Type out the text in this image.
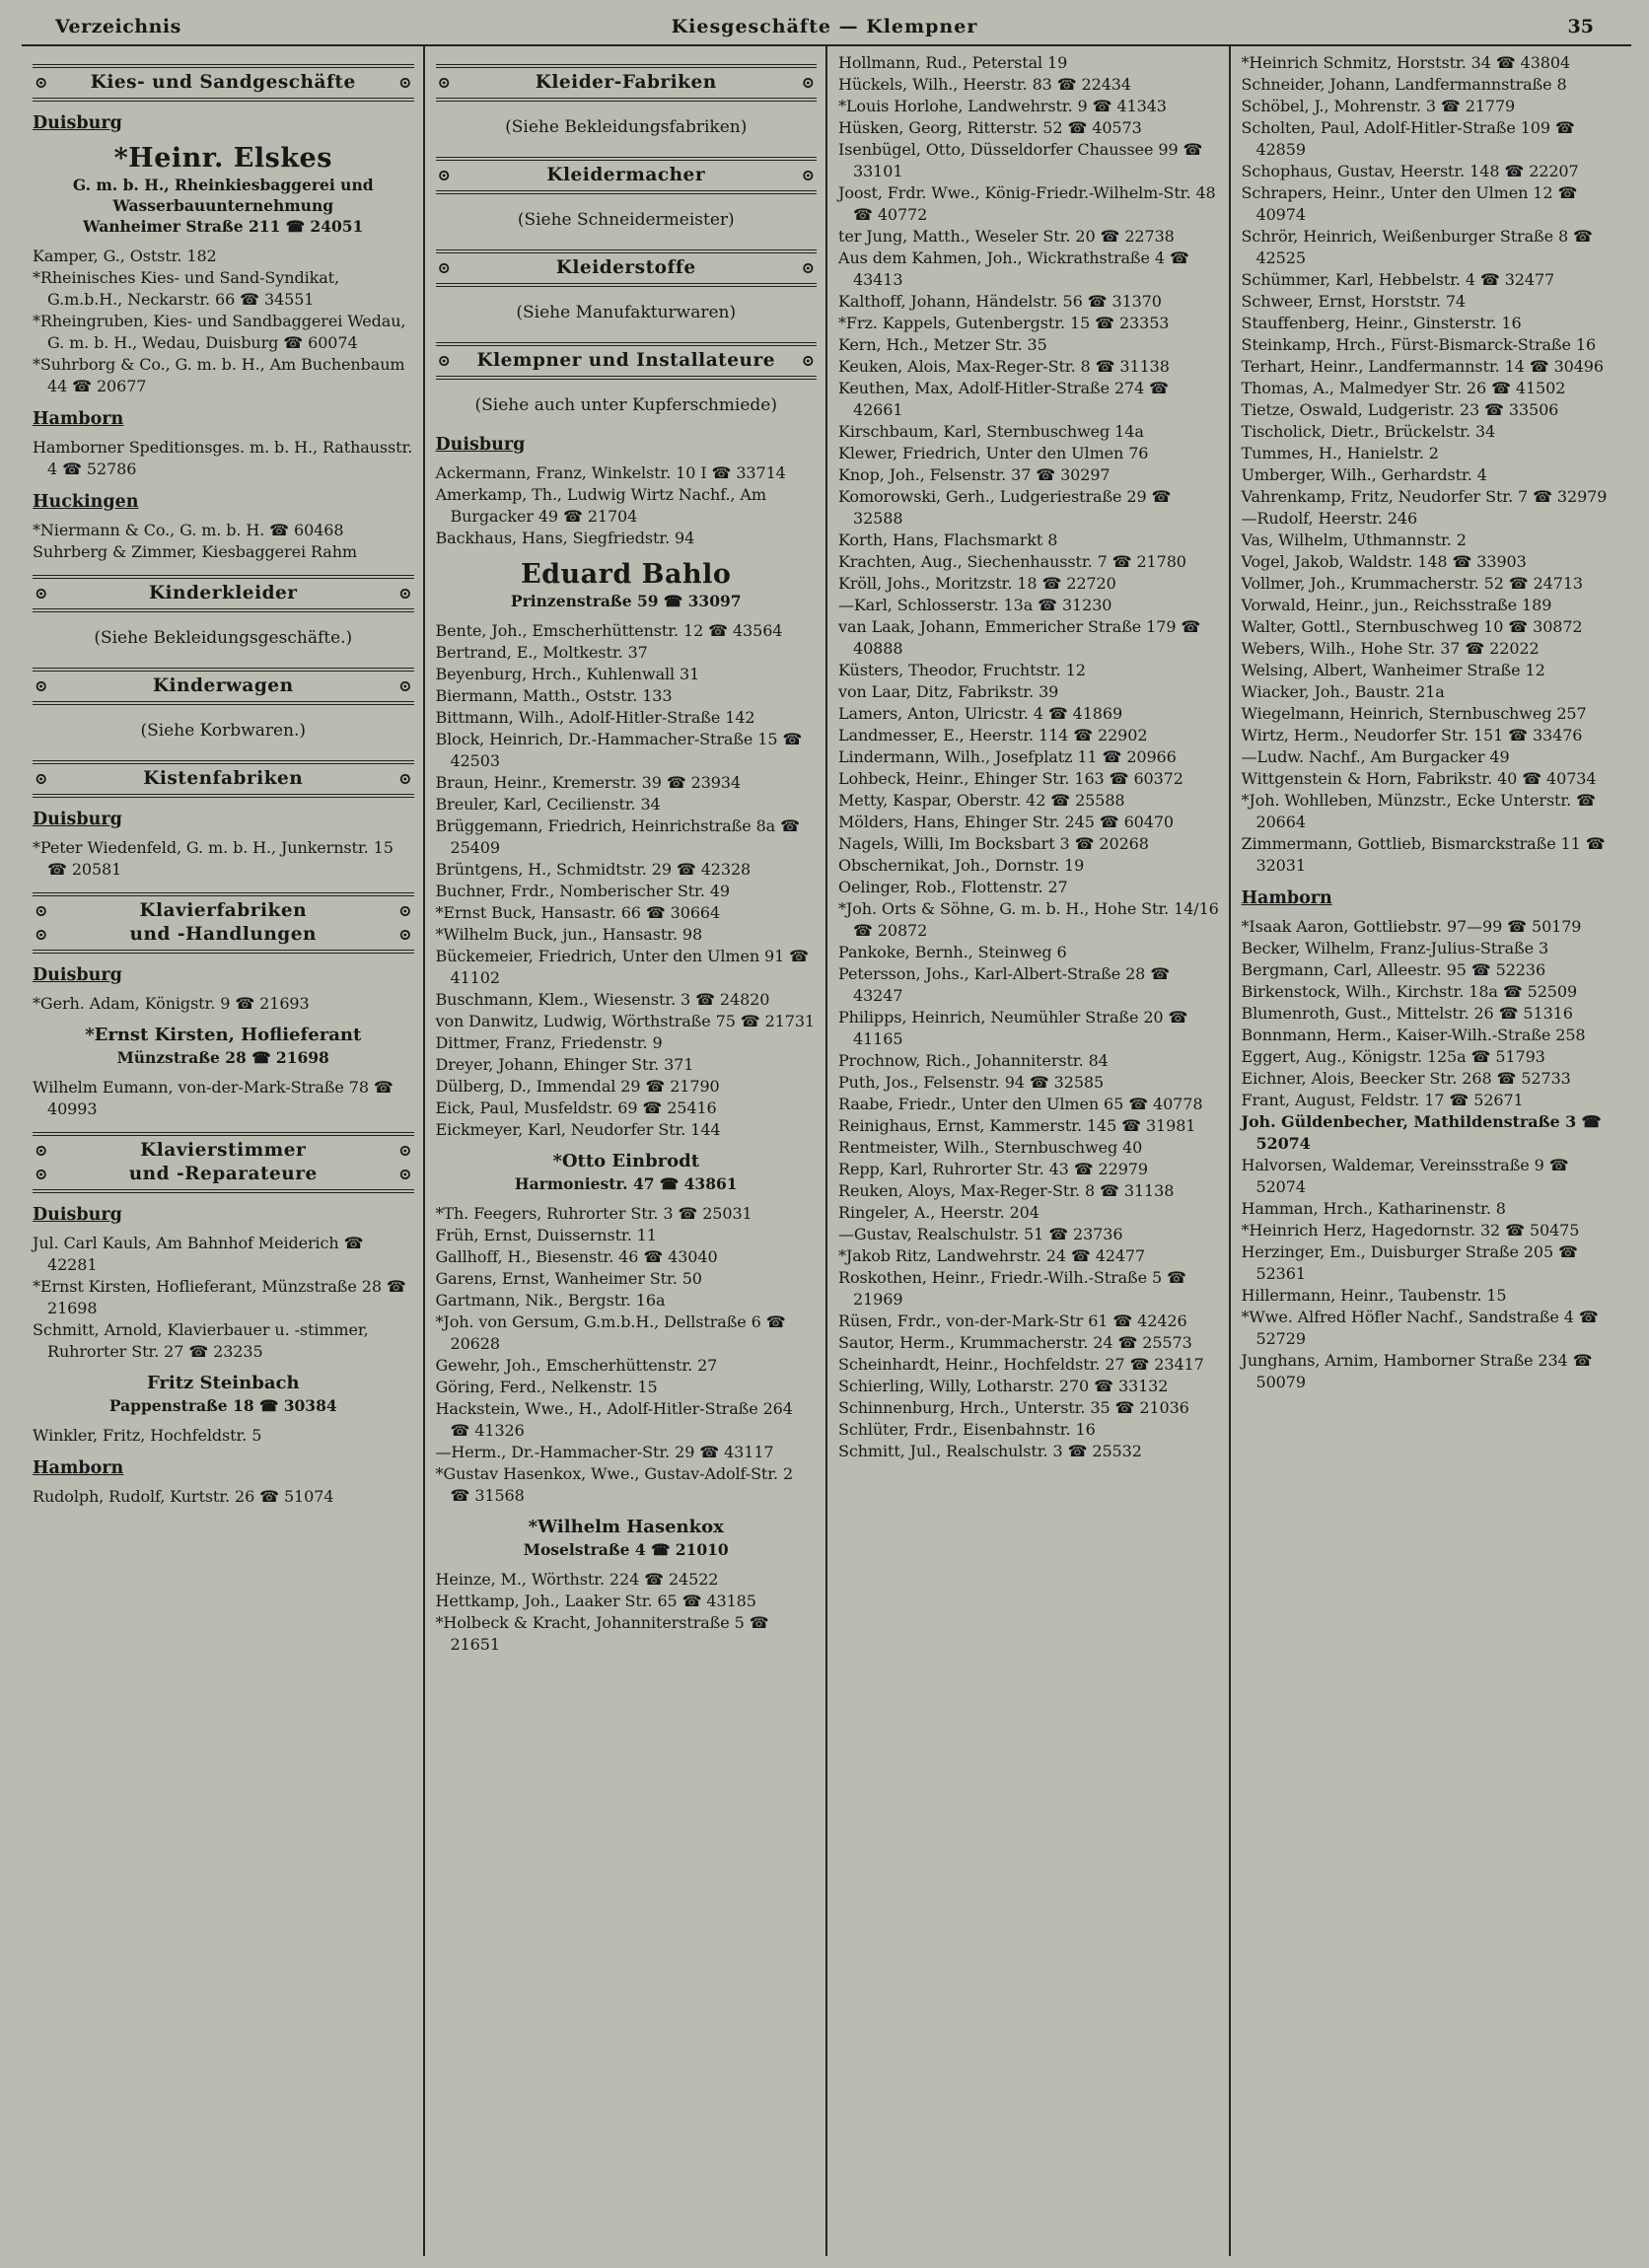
Verzeichnis	Kiesgeschäfte — Klempner	35
⊙	Kies- und Sandgeschäfte	⊙
Duisburg
*Heinr. Elskes
G. m. b. H., Rheinkiesbaggerei und
Wasserbauunternehmung
Wanheimer Straße 211 ☎ 24051

Kamper, G., Oststr. 182

*Rheinisches Kies- und Sand-Syndikat, G.m.b.H., Neckarstr. 66 ☎ 34551

*Rheingruben, Kies- und Sandbaggerei Wedau, G. m. b. H., Wedau, Duisburg ☎ 60074

*Suhrborg & Co., G. m. b. H., Am Buchenbaum 44 ☎ 20677

Hamborn

Hamborner Speditionsges. m. b. H., Rathausstr. 4 ☎ 52786

Huckingen

*Niermann & Co., G. m. b. H. ☎ 60468

Suhrberg & Zimmer, Kiesbaggerei Rahm

⊙	Kinderkleider	⊙
(Siehe Bekleidungsgeschäfte.)
⊙	Kinderwagen	⊙
(Siehe Korbwaren.)
⊙	Kistenfabriken	⊙
Duisburg

*Peter Wiedenfeld, G. m. b. H., Junkernstr. 15 ☎ 20581

⊙	Klavierfabriken	⊙
⊙	und -Handlungen	⊙
Duisburg

*Gerh. Adam, Königstr. 9 ☎ 21693

*Ernst Kirsten, Hoflieferant
Münzstraße 28 ☎ 21698

Wilhelm Eumann, von-der-Mark-Straße 78 ☎ 40993

⊙	Klavierstimmer	⊙
⊙	und -Reparateure	⊙
Duisburg

Jul. Carl Kauls, Am Bahnhof Meiderich ☎ 42281

*Ernst Kirsten, Hoflieferant, Münzstraße 28 ☎ 21698

Schmitt, Arnold, Klavierbauer u. -stimmer, Ruhrorter Str. 27 ☎ 23235

Fritz Steinbach
Pappenstraße 18 ☎ 30384

Winkler, Fritz, Hochfeldstr. 5

Hamborn

Rudolph, Rudolf, Kurtstr. 26 ☎ 51074

⊙	Kleider-Fabriken	⊙
(Siehe Bekleidungsfabriken)
⊙	Kleidermacher	⊙
(Siehe Schneidermeister)
⊙	Kleiderstoffe	⊙
(Siehe Manufakturwaren)
⊙	Klempner und Installateure	⊙
(Siehe auch unter Kupferschmiede)
Duisburg

Ackermann, Franz, Winkelstr. 10 I ☎ 33714

Amerkamp, Th., Ludwig Wirtz Nachf., Am Burgacker 49 ☎ 21704

Backhaus, Hans, Siegfriedstr. 94

Eduard Bahlo
Prinzenstraße 59 ☎ 33097

Bente, Joh., Emscherhüttenstr. 12 ☎ 43564

Bertrand, E., Moltkestr. 37

Beyenburg, Hrch., Kuhlenwall 31

Biermann, Matth., Oststr. 133

Bittmann, Wilh., Adolf-Hitler-Straße 142

Block, Heinrich, Dr.-Hammacher-Straße 15 ☎ 42503

Braun, Heinr., Kremerstr. 39 ☎ 23934

Breuler, Karl, Cecilienstr. 34

Brüggemann, Friedrich, Heinrichstraße 8a ☎ 25409

Brüntgens, H., Schmidtstr. 29 ☎ 42328

Buchner, Frdr., Nomberischer Str. 49

*Ernst Buck, Hansastr. 66 ☎ 30664

*Wilhelm Buck, jun., Hansastr. 98

Bückemeier, Friedrich, Unter den Ulmen 91 ☎ 41102

Buschmann, Klem., Wiesenstr. 3 ☎ 24820

von Danwitz, Ludwig, Wörthstraße 75 ☎ 21731

Dittmer, Franz, Friedenstr. 9

Dreyer, Johann, Ehinger Str. 371

Dülberg, D., Immendal 29 ☎ 21790

Eick, Paul, Musfeldstr. 69 ☎ 25416

Eickmeyer, Karl, Neudorfer Str. 144

*Otto Einbrodt
Harmoniestr. 47 ☎ 43861

*Th. Feegers, Ruhrorter Str. 3 ☎ 25031

Früh, Ernst, Duissernstr. 11

Gallhoff, H., Biesenstr. 46 ☎ 43040

Garens, Ernst, Wanheimer Str. 50

Gartmann, Nik., Bergstr. 16a

*Joh. von Gersum, G.m.b.H., Dellstraße 6 ☎ 20628

Gewehr, Joh., Emscherhüttenstr. 27

Göring, Ferd., Nelkenstr. 15

Hackstein, Wwe., H., Adolf-Hitler-Straße 264 ☎ 41326

—Herm., Dr.-Hammacher-Str. 29 ☎ 43117

*Gustav Hasenkox, Wwe., Gustav-Adolf-Str. 2 ☎ 31568

*Wilhelm Hasenkox
Moselstraße 4 ☎ 21010

Heinze, M., Wörthstr. 224 ☎ 24522

Hettkamp, Joh., Laaker Str. 65 ☎ 43185

*Holbeck & Kracht, Johanniterstraße 5 ☎ 21651

Hollmann, Rud., Peterstal 19

Hückels, Wilh., Heerstr. 83 ☎ 22434

*Louis Horlohe, Landwehrstr. 9 ☎ 41343

Hüsken, Georg, Ritterstr. 52 ☎ 40573

Isenbügel, Otto, Düsseldorfer Chaussee 99 ☎ 33101

Joost, Frdr. Wwe., König-Friedr.-Wilhelm-Str. 48 ☎ 40772

ter Jung, Matth., Weseler Str. 20 ☎ 22738

Aus dem Kahmen, Joh., Wickrathstraße 4 ☎ 43413

Kalthoff, Johann, Händelstr. 56 ☎ 31370

*Frz. Kappels, Gutenbergstr. 15 ☎ 23353

Kern, Hch., Metzer Str. 35

Keuken, Alois, Max-Reger-Str. 8 ☎ 31138

Keuthen, Max, Adolf-Hitler-Straße 274 ☎ 42661

Kirschbaum, Karl, Sternbuschweg 14a

Klewer, Friedrich, Unter den Ulmen 76

Knop, Joh., Felsenstr. 37 ☎ 30297

Komorowski, Gerh., Ludgeriestraße 29 ☎ 32588

Korth, Hans, Flachsmarkt 8

Krachten, Aug., Siechenhausstr. 7 ☎ 21780

Kröll, Johs., Moritzstr. 18 ☎ 22720

—Karl, Schlosserstr. 13a ☎ 31230

van Laak, Johann, Emmericher Straße 179 ☎ 40888

Küsters, Theodor, Fruchtstr. 12

von Laar, Ditz, Fabrikstr. 39

Lamers, Anton, Ulricstr. 4 ☎ 41869

Landmesser, E., Heerstr. 114 ☎ 22902

Lindermann, Wilh., Josefplatz 11 ☎ 20966

Lohbeck, Heinr., Ehinger Str. 163 ☎ 60372

Metty, Kaspar, Oberstr. 42 ☎ 25588

Mölders, Hans, Ehinger Str. 245 ☎ 60470

Nagels, Willi, Im Bocksbart 3 ☎ 20268

Obschernikat, Joh., Dornstr. 19

Oelinger, Rob., Flottenstr. 27

*Joh. Orts & Söhne, G. m. b. H., Hohe Str. 14/16 ☎ 20872

Pankoke, Bernh., Steinweg 6

Petersson, Johs., Karl-Albert-Straße 28 ☎ 43247

Philipps, Heinrich, Neumühler Straße 20 ☎ 41165

Prochnow, Rich., Johanniterstr. 84

Puth, Jos., Felsenstr. 94 ☎ 32585

Raabe, Friedr., Unter den Ulmen 65 ☎ 40778

Reinighaus, Ernst, Kammerstr. 145 ☎ 31981

Rentmeister, Wilh., Sternbuschweg 40

Repp, Karl, Ruhrorter Str. 43 ☎ 22979

Reuken, Aloys, Max-Reger-Str. 8 ☎ 31138

Ringeler, A., Heerstr. 204

—Gustav, Realschulstr. 51 ☎ 23736

*Jakob Ritz, Landwehrstr. 24 ☎ 42477

Roskothen, Heinr., Friedr.-Wilh.-Straße 5 ☎ 21969

Rüsen, Frdr., von-der-Mark-Str 61 ☎ 42426

Sautor, Herm., Krummacherstr. 24 ☎ 25573

Scheinhardt, Heinr., Hochfeldstr. 27 ☎ 23417

Schierling, Willy, Lotharstr. 270 ☎ 33132

Schinnenburg, Hrch., Unterstr. 35 ☎ 21036

Schlüter, Frdr., Eisenbahnstr. 16

Schmitt, Jul., Realschulstr. 3 ☎ 25532

*Heinrich Schmitz, Horststr. 34 ☎ 43804

Schneider, Johann, Landfermannstraße 8

Schöbel, J., Mohrenstr. 3 ☎ 21779

Scholten, Paul, Adolf-Hitler-Straße 109 ☎ 42859

Schophaus, Gustav, Heerstr. 148 ☎ 22207

Schrapers, Heinr., Unter den Ulmen 12 ☎ 40974

Schrör, Heinrich, Weißenburger Straße 8 ☎ 42525

Schümmer, Karl, Hebbelstr. 4 ☎ 32477

Schweer, Ernst, Horststr. 74

Stauffenberg, Heinr., Ginsterstr. 16

Steinkamp, Hrch., Fürst-Bismarck-Straße 16

Terhart, Heinr., Landfermannstr. 14 ☎ 30496

Thomas, A., Malmedyer Str. 26 ☎ 41502

Tietze, Oswald, Ludgeristr. 23 ☎ 33506

Tischolick, Dietr., Brückelstr. 34

Tummes, H., Hanielstr. 2

Umberger, Wilh., Gerhardstr. 4

Vahrenkamp, Fritz, Neudorfer Str. 7 ☎ 32979

—Rudolf, Heerstr. 246

Vas, Wilhelm, Uthmannstr. 2

Vogel, Jakob, Waldstr. 148 ☎ 33903

Vollmer, Joh., Krummacherstr. 52 ☎ 24713

Vorwald, Heinr., jun., Reichsstraße 189

Walter, Gottl., Sternbuschweg 10 ☎ 30872

Webers, Wilh., Hohe Str. 37 ☎ 22022

Welsing, Albert, Wanheimer Straße 12

Wiacker, Joh., Baustr. 21a

Wiegelmann, Heinrich, Sternbuschweg 257

Wirtz, Herm., Neudorfer Str. 151 ☎ 33476

—Ludw. Nachf., Am Burgacker 49

Wittgenstein & Horn, Fabrikstr. 40 ☎ 40734

*Joh. Wohlleben, Münzstr., Ecke Unterstr. ☎ 20664

Zimmermann, Gottlieb, Bismarckstraße 11 ☎ 32031

Hamborn

*Isaak Aaron, Gottliebstr. 97—99 ☎ 50179

Becker, Wilhelm, Franz-Julius-Straße 3

Bergmann, Carl, Alleestr. 95 ☎ 52236

Birkenstock, Wilh., Kirchstr. 18a ☎ 52509

Blumenroth, Gust., Mittelstr. 26 ☎ 51316

Bonnmann, Herm., Kaiser-Wilh.-Straße 258

Eggert, Aug., Königstr. 125a ☎ 51793

Eichner, Alois, Beecker Str. 268 ☎ 52733

Frant, August, Feldstr. 17 ☎ 52671

Joh. Güldenbecher, Mathildenstraße 3 ☎ 52074

Halvorsen, Waldemar, Vereinsstraße 9 ☎ 52074

Hamman, Hrch., Katharinenstr. 8

*Heinrich Herz, Hagedornstr. 32 ☎ 50475

Herzinger, Em., Duisburger Straße 205 ☎ 52361

Hillermann, Heinr., Taubenstr. 15

*Wwe. Alfred Höfler Nachf., Sandstraße 4 ☎ 52729

Junghans, Arnim, Hamborner Straße 234 ☎ 50079
